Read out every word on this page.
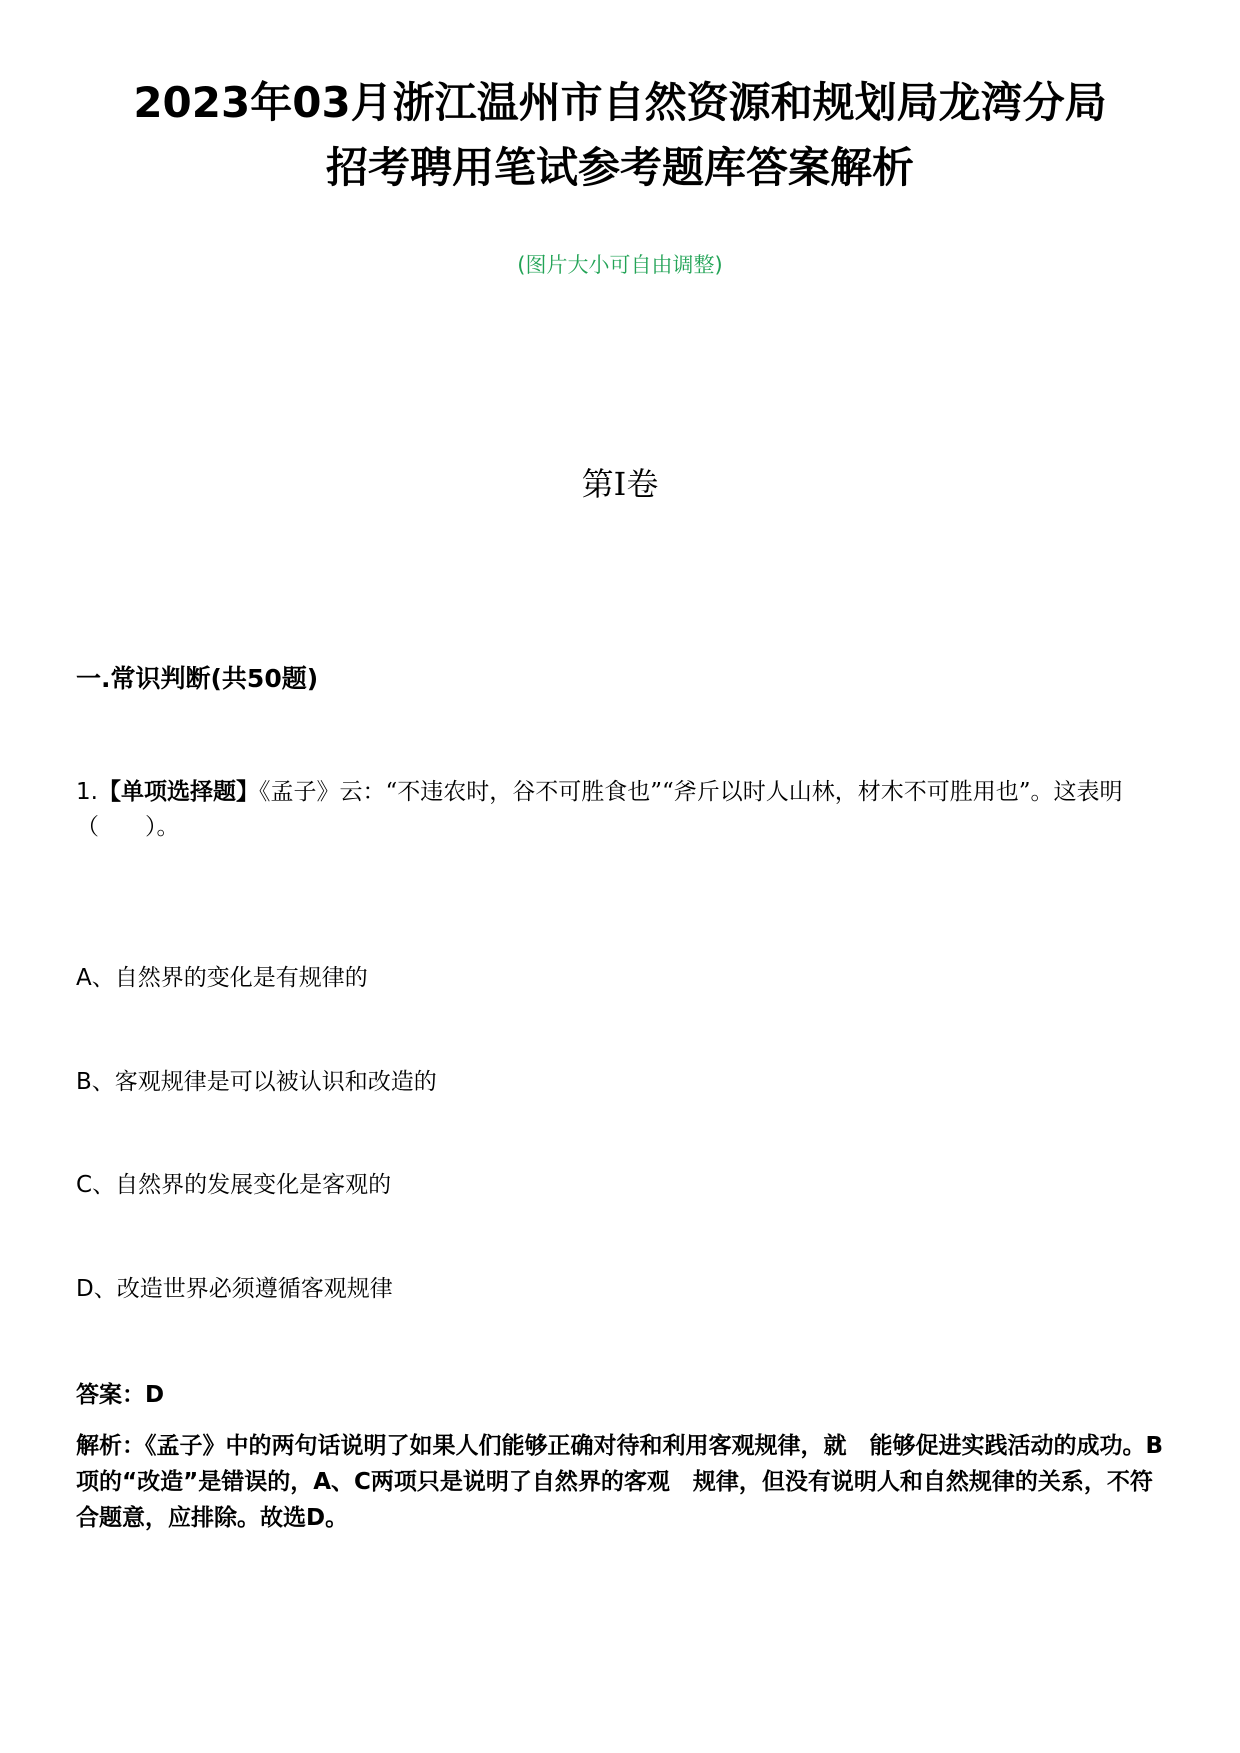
2023年03月浙江温州市自然资源和规划局龙湾分局
招考聘用笔试参考题库答案解析
(图片大小可自由调整)
第Ⅰ卷
一.常识判断(共50题)
1.【单项选择题】《孟子》云：“不违农时，谷不可胜食也”“斧斤以时人山林，材木不可胜用也”。这表明（　　）。
A、自然界的变化是有规律的
B、客观规律是可以被认识和改造的
C、自然界的发展变化是客观的
D、改造世界必须遵循客观规律
答案：D
解析：《孟子》中的两句话说明了如果人们能够正确对待和利用客观规律，就　能够促进实践活动的成功。B项的“改造”是错误的，A、C两项只是说明了自然界的客观　规律，但没有说明人和自然规律的关系，不符合题意，应排除。故选D。
